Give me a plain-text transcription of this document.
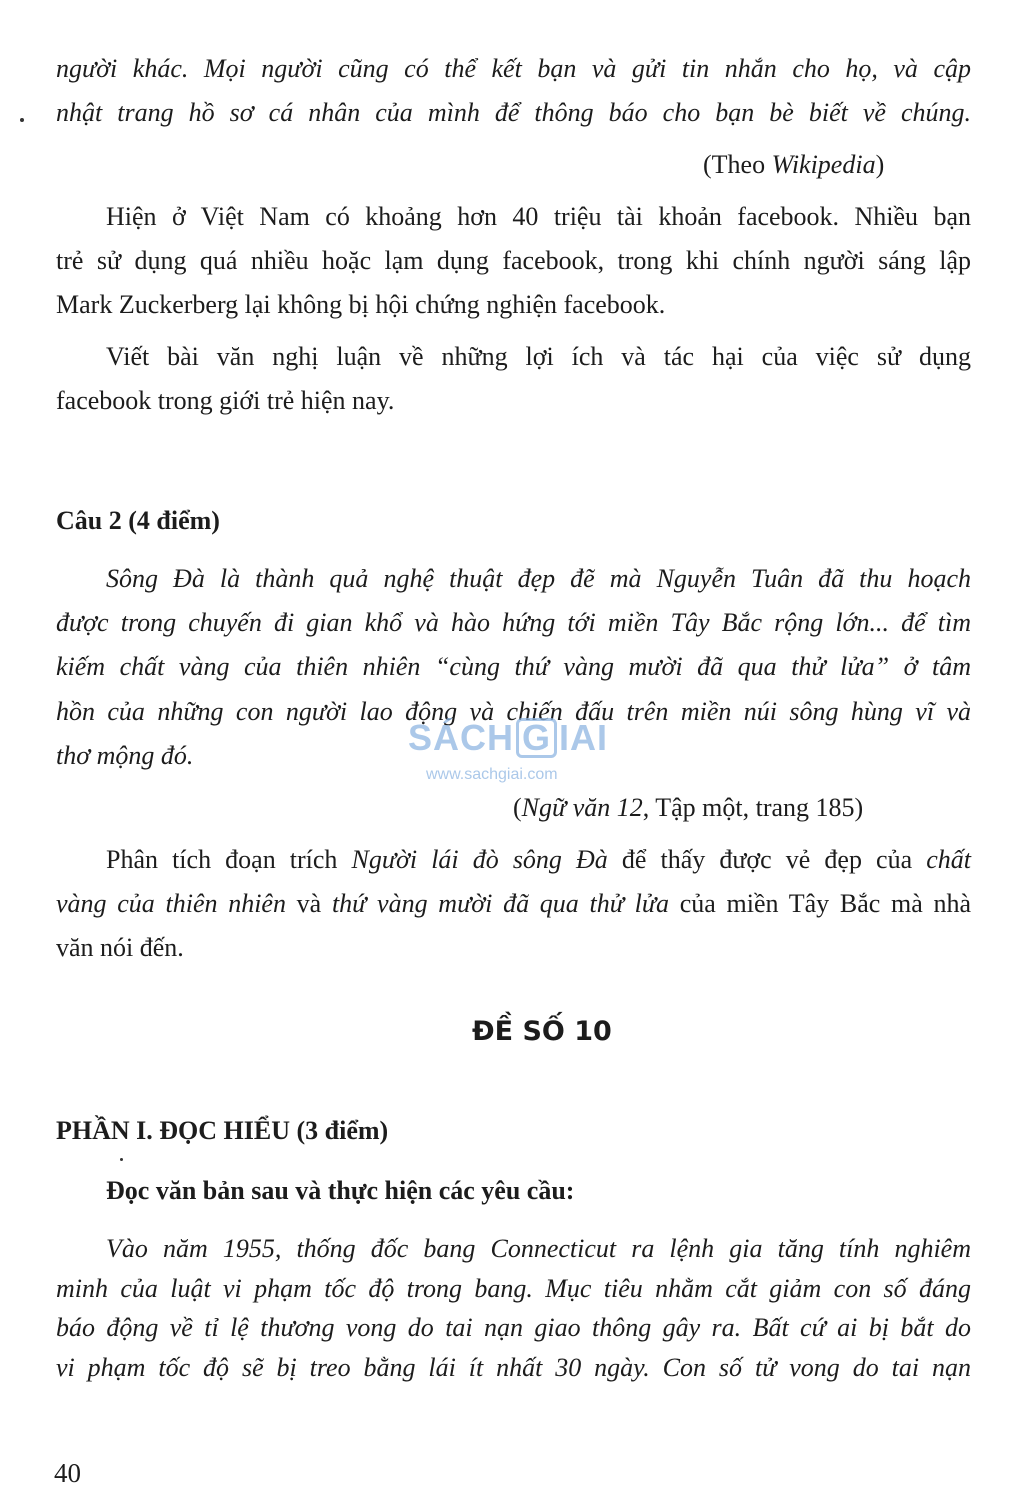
người khác. Mọi người cũng có thể kết bạn và gửi tin nhắn cho họ, và cập
nhật trang hồ sơ cá nhân của mình để thông báo cho bạn bè biết về chúng.
(Theo Wikipedia)
Hiện ở Việt Nam có khoảng hơn 40 triệu tài khoản facebook. Nhiều bạn
trẻ sử dụng quá nhiều hoặc lạm dụng facebook, trong khi chính người sáng lập
Mark Zuckerberg lại không bị hội chứng nghiện facebook.
Viết bài văn nghị luận về những lợi ích và tác hại của việc sử dụng
facebook trong giới trẻ hiện nay.
Câu 2 (4 điểm)
Sông Đà là thành quả nghệ thuật đẹp đẽ mà Nguyễn Tuân đã thu hoạch
được trong chuyến đi gian khổ và hào hứng tới miền Tây Bắc rộng lớn... để tìm
kiếm chất vàng của thiên nhiên “cùng thứ vàng mười đã qua thử lửa” ở tâm
hồn của những con người lao động và chiến đấu trên miền núi sông hùng vĩ và
thơ mộng đó.
(Ngữ văn 12, Tập một, trang 185)
Phân tích đoạn trích Người lái đò sông Đà để thấy được vẻ đẹp của chất
vàng của thiên nhiên và thứ vàng mười đã qua thử lửa của miền Tây Bắc mà nhà
văn nói đến.
ĐỀ SỐ 10
PHẦN I. ĐỌC HIỂU (3 điểm)
Đọc văn bản sau và thực hiện các yêu cầu:
Vào năm 1955, thống đốc bang Connecticut ra lệnh gia tăng tính nghiêm
minh của luật vi phạm tốc độ trong bang. Mục tiêu nhằm cắt giảm con số đáng
báo động về tỉ lệ thương vong do tai nạn giao thông gây ra. Bất cứ ai bị bắt do
vi phạm tốc độ sẽ bị treo bằng lái ít nhất 30 ngày. Con số tử vong do tai nạn
SÁCH G IAI
www.sachgiai.com
40
